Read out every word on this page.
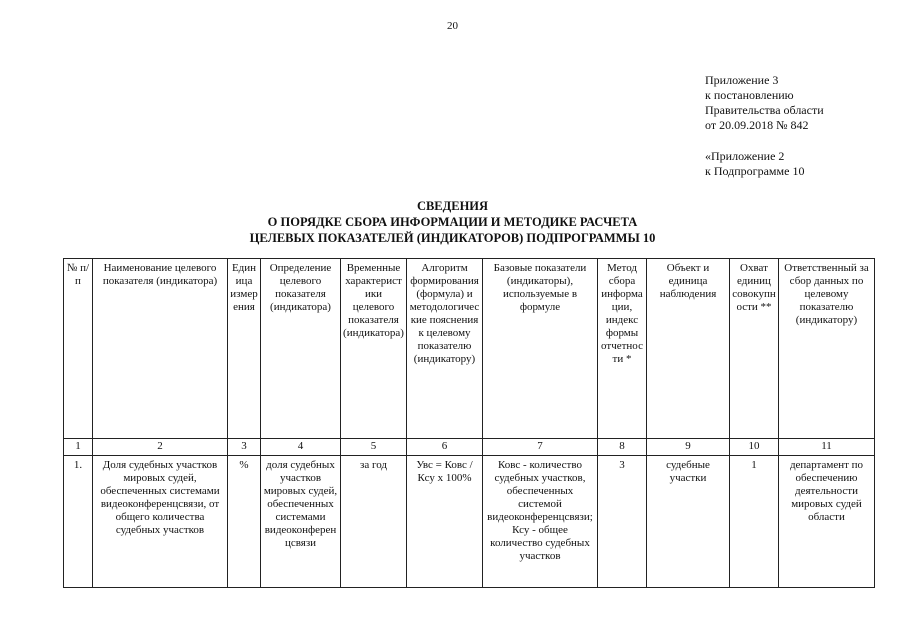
20
Приложение 3
к постановлению
Правительства области
от 20.09.2018 № 842
«Приложение 2
к Подпрограмме 10
СВЕДЕНИЯ
О ПОРЯДКЕ СБОРА ИНФОРМАЦИИ И МЕТОДИКЕ РАСЧЕТА
ЦЕЛЕВЫХ ПОКАЗАТЕЛЕЙ (ИНДИКАТОРОВ) ПОДПРОГРАММЫ 10
№ п/п	Наименование целевого показателя (индикатора)	Единица измерения	Определение целевого показателя (индикатора)	Временные характеристики целевого показателя (индикатора)	Алгоритм формирования (формула) и методологические пояснения к целевому показателю (индикатору)	Базовые показатели (индикаторы), используемые в формуле	Метод сбора информации, индекс формы отчетности *	Объект и единица наблюдения	Охват единиц совокупности **	Ответственный за сбор данных по целевому показателю (индикатору)
1	2	3	4	5	6	7	8	9	10	11
1.	Доля судебных участков мировых судей, обеспеченных системами видеоконференцсвязи, от общего количества судебных участков	%	доля судебных участков мировых судей, обеспеченных системами видеоконференцсвязи	за год	Увс = Ковс / Ксу х 100%	Ковс - количество судебных участков, обеспеченных системой видеоконференцсвязи; Ксу - общее количество судебных участков	3	судебные участки	1	департамент по обеспечению деятельности мировых судей области
